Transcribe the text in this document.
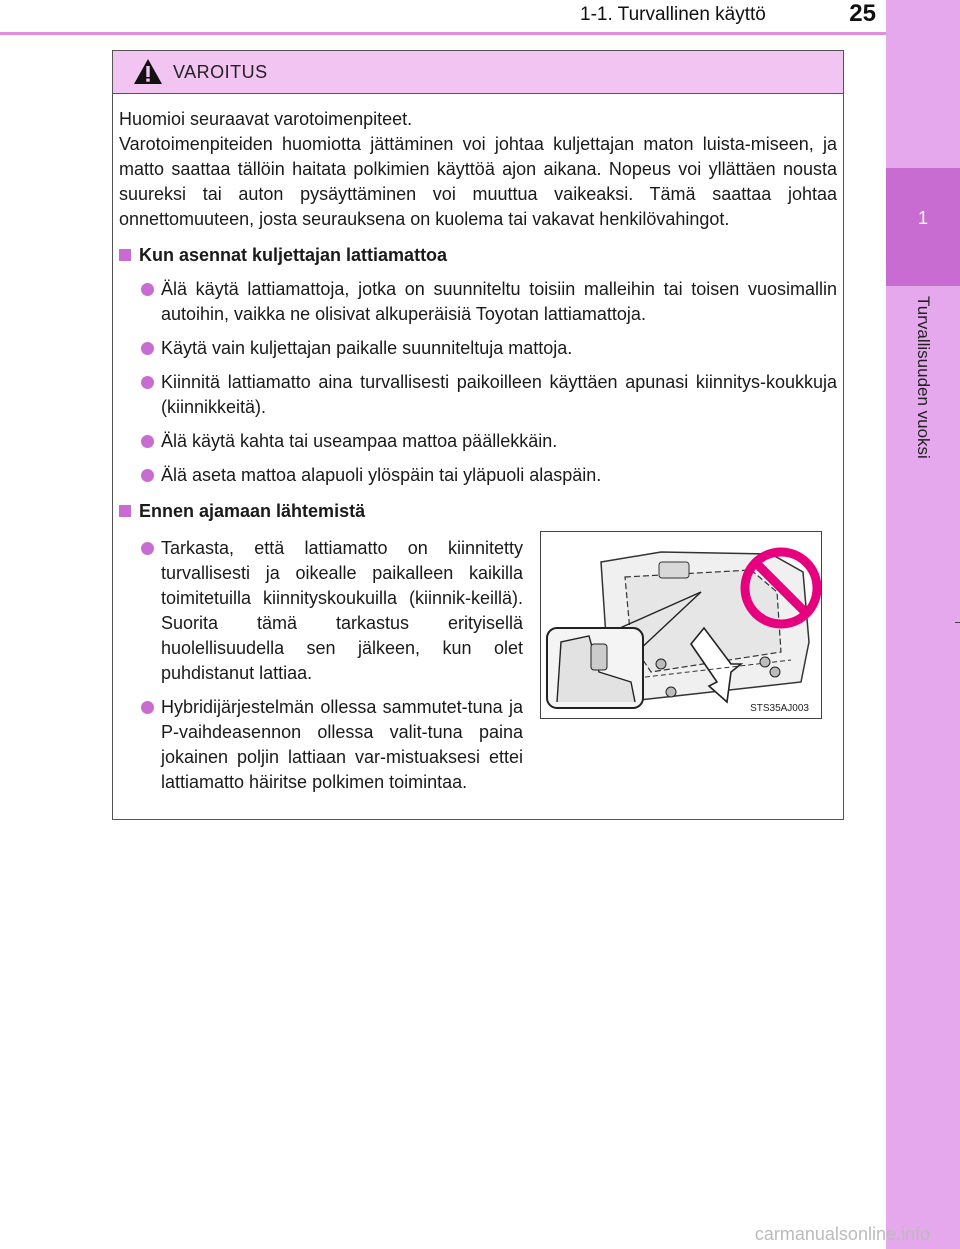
1-1. Turvallinen käyttö	25
1
Turvallisuuden vuoksi
VAROITUS

Huomioi seuraavat varotoimenpiteet.

Varotoimenpiteiden huomiotta jättäminen voi johtaa kuljettajan maton luista-miseen, ja matto saattaa tällöin haitata polkimien käyttöä ajon aikana. Nopeus voi yllättäen nousta suureksi tai auton pysäyttäminen voi muuttua vaikeaksi. Tämä saattaa johtaa onnettomuuteen, josta seurauksena on kuolema tai vakavat henkilövahingot.

Kun asennat kuljettajan lattiamattoa
Älä käytä lattiamattoja, jotka on suunniteltu toisiin malleihin tai toisen vuosimallin autoihin, vaikka ne olisivat alkuperäisiä Toyotan lattiamattoja.
Käytä vain kuljettajan paikalle suunniteltuja mattoja.
Kiinnitä lattiamatto aina turvallisesti paikoilleen käyttäen apunasi kiinnitys-koukkuja (kiinnikkeitä).
Älä käytä kahta tai useampaa mattoa päällekkäin.
Älä aseta mattoa alapuoli ylöspäin tai yläpuoli alaspäin.
Ennen ajamaan lähtemistä
Tarkasta, että lattiamatto on kiinnitetty turvallisesti ja oikealle paikalleen kaikilla toimitetuilla kiinnityskoukuilla (kiinnik-keillä). Suorita tämä tarkastus erityisellä huolellisuudella sen jälkeen, kun olet puhdistanut lattiaa.
Hybridijärjestelmän ollessa sammutet-tuna ja P-vaihdeasennon ollessa valit-tuna paina jokainen poljin lattiaan var-mistuaksesi ettei lattiamatto häiritse polkimen toimintaa.
STS35AJ003
carmanualsonline.info
